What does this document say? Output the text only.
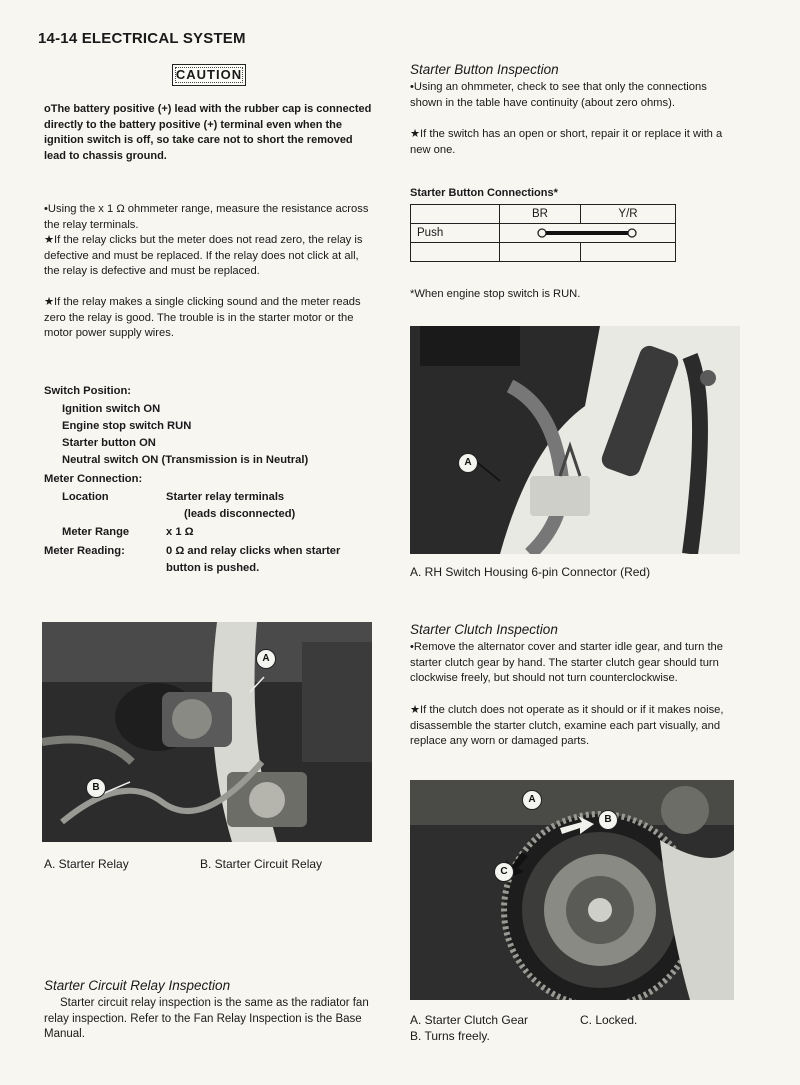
14-14 ELECTRICAL SYSTEM
CAUTION
oThe battery positive (+) lead with the rubber cap is connected directly to the battery positive (+) terminal even when the ignition switch is off, so take care not to short the removed lead to chassis ground.
•Using the x 1 Ω ohmmeter range, measure the resistance across the relay terminals.
★If the relay clicks but the meter does not read zero, the relay is defective and must be replaced. If the relay does not click at all, the relay is defective and must be replaced.
★If the relay makes a single clicking sound and the meter reads zero the relay is good. The trouble is in the starter motor or the motor power supply wires.
Switch Position:
Ignition switch ON
Engine stop switch RUN
Starter button ON
Neutral switch ON (Transmission is in Neutral)
Meter Connection:
Location	Starter relay terminals
(leads disconnected)
Meter Range	x 1 Ω
Meter Reading:	0 Ω and relay clicks when starter
button is pushed.
A
B
A. Starter Relay	B. Starter Circuit Relay
Starter Circuit Relay Inspection
Starter circuit relay inspection is the same as the radiator fan relay inspection. Refer to the Fan Relay Inspection is the Base Manual.
Starter Button Inspection
•Using an ohmmeter, check to see that only the connections shown in the table have continuity (about zero ohms).
★If the switch has an open or short, repair it or replace it with a new one.
Starter Button Connections*
	BR	Y/R
Push	

*When engine stop switch is RUN.
A
A. RH Switch Housing 6-pin Connector (Red)
Starter Clutch Inspection
•Remove the alternator cover and starter idle gear, and turn the starter clutch gear by hand. The starter clutch gear should turn clockwise freely, but should not turn counterclockwise.
★If the clutch does not operate as it should or if it makes noise, disassemble the starter clutch, examine each part visually, and replace any worn or damaged parts.
A
B
C
A. Starter Clutch Gear	C. Locked.
B. Turns freely.
